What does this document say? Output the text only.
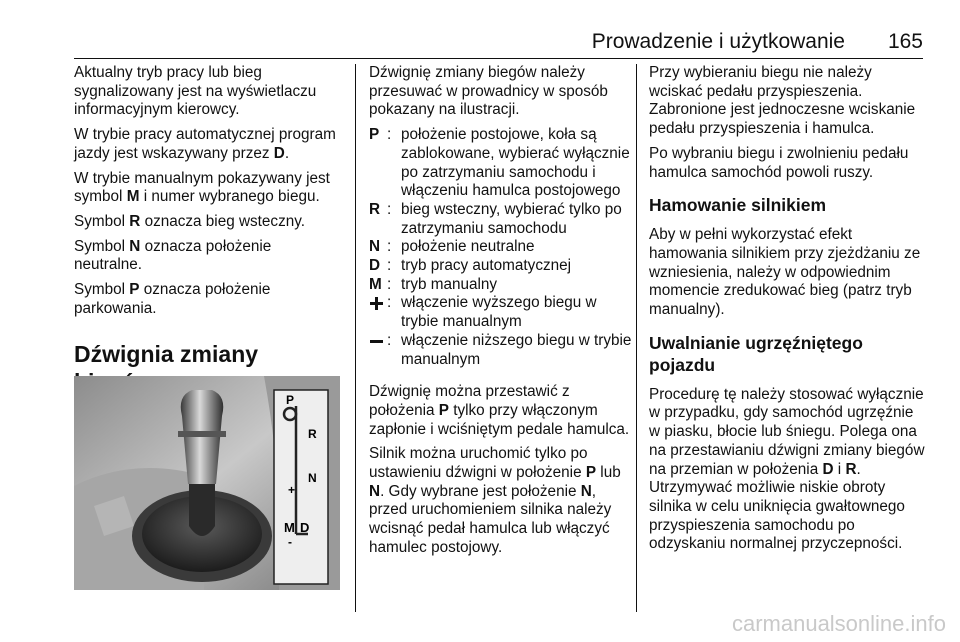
Prowadzenie i użytkowanie 165

Aktualny tryb pracy lub bieg sygnalizowany jest na wyświetlaczu informacyjnym kierowcy.

W trybie pracy automatycznej program jazdy jest wskazywany przez D.

W trybie manualnym pokazywany jest symbol M i numer wybranego biegu.

Symbol R oznacza bieg wsteczny.

Symbol N oznacza położenie neutralne.

Symbol P oznacza położenie parkowania.

Dźwignia zmiany
P
R
N
+
M D
-

Dźwignię zmiany biegów należy przesuwać w prowadnicy w sposób pokazany na ilustracji.

P : położenie postojowe, koła są zablokowane, wybierać wyłącznie po zatrzymaniu samochodu i włączeniu hamulca postojowego
R : bieg wsteczny, wybierać tylko po zatrzymaniu samochodu
N : położenie neutralne
D : tryb pracy automatycznej
M : tryb manualny
: włączenie wyższego biegu w trybie manualnym
: włączenie niższego biegu w trybie manualnym

Dźwignię można przestawić z położenia P tylko przy włączonym zapłonie i wciśniętym pedale hamulca.

Silnik można uruchomić tylko po ustawieniu dźwigni w położenie P lub N. Gdy wybrane jest położenie N, przed uruchomieniem silnika należy wcisnąć pedał hamulca lub włączyć hamulec postojowy.

Przy wybieraniu biegu nie należy wciskać pedału przyspieszenia. Zabronione jest jednoczesne wciskanie pedału przyspieszenia i hamulca.

Po wybraniu biegu i zwolnieniu pedału hamulca samochód powoli ruszy.

Hamowanie silnikiem

Aby w pełni wykorzystać efekt hamowania silnikiem przy zjeżdżaniu ze wzniesienia, należy w odpowiednim momencie zredukować bieg (patrz tryb manualny).

Uwalnianie ugrzęźniętego pojazdu

Procedurę tę należy stosować wyłącznie w przypadku, gdy samochód ugrzęźnie w piasku, błocie lub śniegu. Polega ona na przestawianiu dźwigni zmiany biegów na przemian w położenia D i R. Utrzymywać możliwie niskie obroty silnika w celu uniknięcia gwałtownego przyspieszenia samochodu po odzyskaniu normalnej przyczepności.

carmanualsonline.info
